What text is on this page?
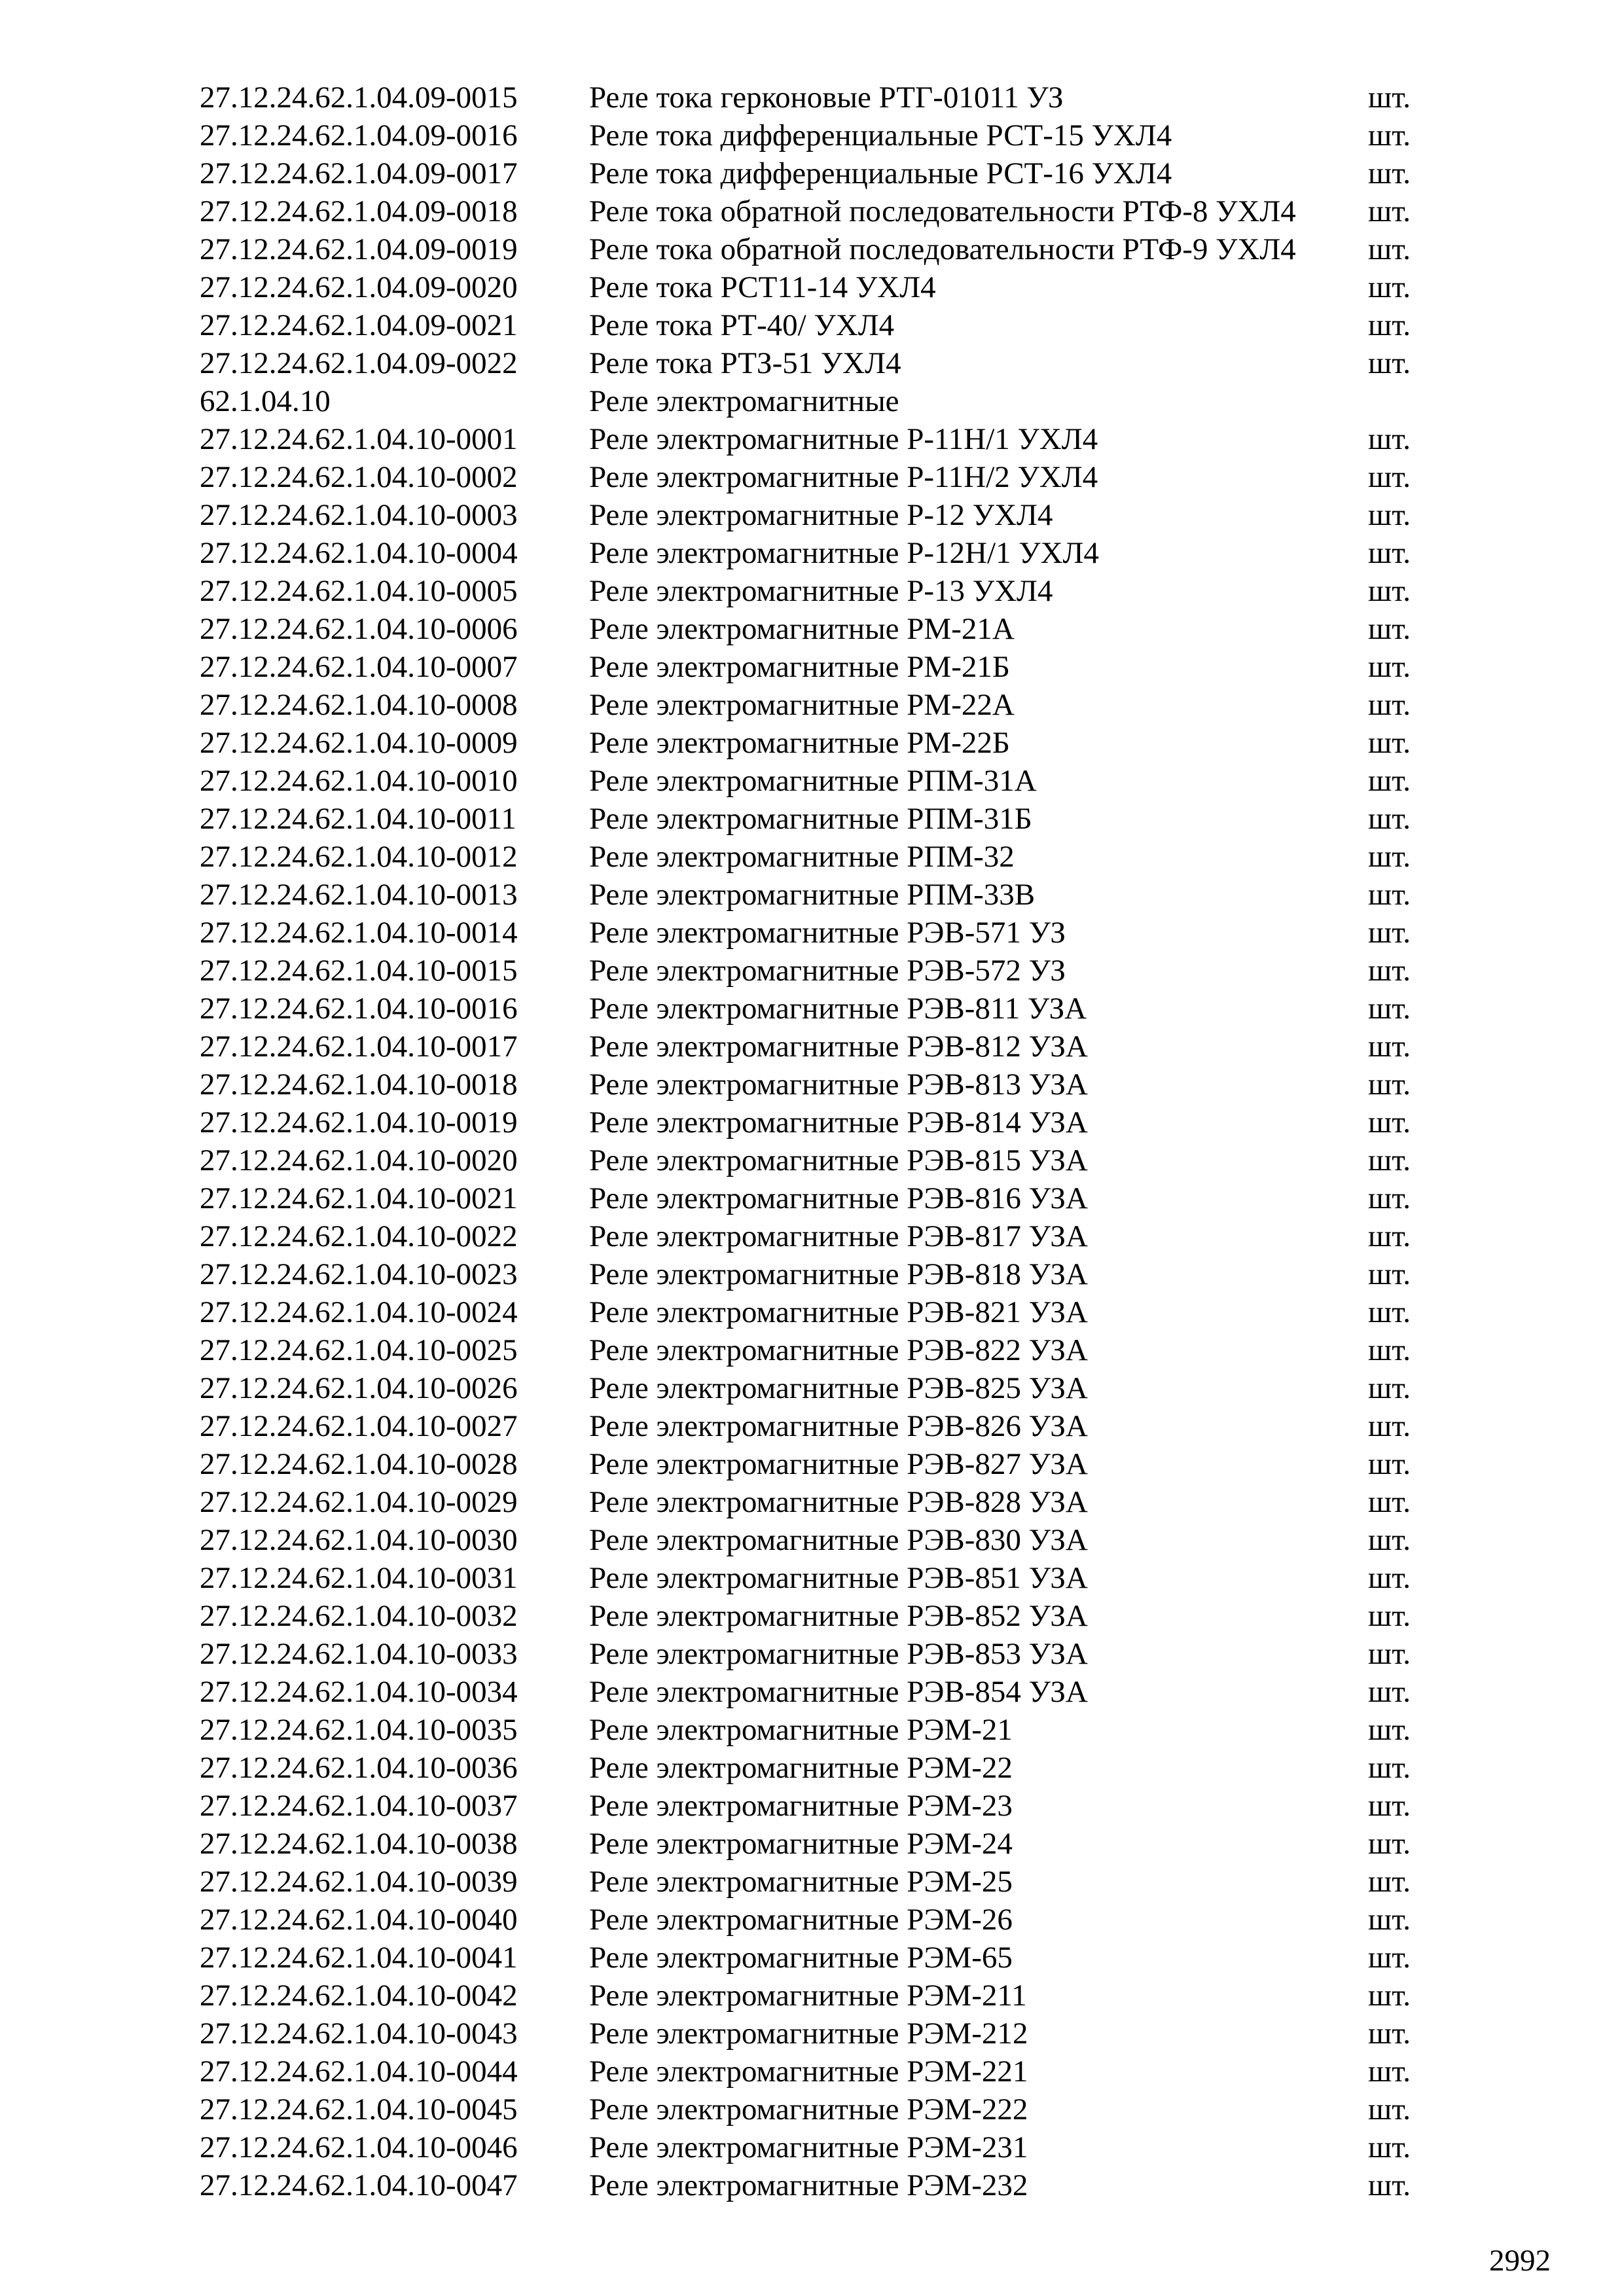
27.12.24.62.1.04.09-0015 Реле тока герконовые РТГ-01011 УЗ	шт.
27.12.24.62.1.04.09-0016 Реле тока дифференциальные РСТ-15 УХЛ4	шт.
27.12.24.62.1.04.09-0017 Реле тока дифференциальные РСТ-16 УХЛ4	шт.
27.12.24.62.1.04.09-0018 Реле тока обратной последовательности РТФ-8 УХЛ4 шт.
27.12.24.62.1.04.09-0019 Реле тока обратной последовательности РТФ-9 УХЛ4 шт.
27.12.24.62.1.04.09-0020 Реле тока РСТ11-14 УХЛ4	шт.
27.12.24.62.1.04.09-0021 Реле тока РТ-40/ УХЛ4	шт.
27.12.24.62.1.04.09-0022 Реле тока РТЗ-51 УХЛ4	шт.
62.1.04.10	Реле электромагнитные
27.12.24.62.1.04.10-0001 Реле электромагнитные Р-11Н/1 УХЛ4	шт.
27.12.24.62.1.04.10-0002 Реле электромагнитные Р-11Н/2 УХЛ4	шт.
27.12.24.62.1.04.10-0003 Реле электромагнитные Р-12 УХЛ4	шт.
27.12.24.62.1.04.10-0004 Реле электромагнитные Р-12Н/1 УХЛ4	шт.
27.12.24.62.1.04.10-0005 Реле электромагнитные Р-13 УХЛ4	шт.
27.12.24.62.1.04.10-0006 Реле электромагнитные РМ-21А	шт.
27.12.24.62.1.04.10-0007 Реле электромагнитные РМ-21Б	шт.
27.12.24.62.1.04.10-0008 Реле электромагнитные РМ-22А	шт.
27.12.24.62.1.04.10-0009 Реле электромагнитные РМ-22Б	шт.
27.12.24.62.1.04.10-0010 Реле электромагнитные РПМ-31А	шт.
27.12.24.62.1.04.10-0011 Реле электромагнитные РПМ-31Б	шт.
27.12.24.62.1.04.10-0012 Реле электромагнитные РПМ-32	шт.
27.12.24.62.1.04.10-0013 Реле электромагнитные РПМ-33В	шт.
27.12.24.62.1.04.10-0014 Реле электромагнитные РЭВ-571 УЗ	шт.
27.12.24.62.1.04.10-0015 Реле электромагнитные РЭВ-572 УЗ	шт.
27.12.24.62.1.04.10-0016 Реле электромагнитные РЭВ-811 УЗА	шт.
27.12.24.62.1.04.10-0017 Реле электромагнитные РЭВ-812 УЗА	шт.
27.12.24.62.1.04.10-0018 Реле электромагнитные РЭВ-813 УЗА	шт.
27.12.24.62.1.04.10-0019 Реле электромагнитные РЭВ-814 УЗА	шт.
27.12.24.62.1.04.10-0020 Реле электромагнитные РЭВ-815 УЗА	шт.
27.12.24.62.1.04.10-0021 Реле электромагнитные РЭВ-816 УЗА	шт.
27.12.24.62.1.04.10-0022 Реле электромагнитные РЭВ-817 УЗА	шт.
27.12.24.62.1.04.10-0023 Реле электромагнитные РЭВ-818 УЗА	шт.
27.12.24.62.1.04.10-0024 Реле электромагнитные РЭВ-821 УЗА	шт.
27.12.24.62.1.04.10-0025 Реле электромагнитные РЭВ-822 УЗА	шт.
27.12.24.62.1.04.10-0026 Реле электромагнитные РЭВ-825 УЗА	шт.
27.12.24.62.1.04.10-0027 Реле электромагнитные РЭВ-826 УЗА	шт.
27.12.24.62.1.04.10-0028 Реле электромагнитные РЭВ-827 УЗА	шт.
27.12.24.62.1.04.10-0029 Реле электромагнитные РЭВ-828 УЗА	шт.
27.12.24.62.1.04.10-0030 Реле электромагнитные РЭВ-830 УЗА	шт.
27.12.24.62.1.04.10-0031 Реле электромагнитные РЭВ-851 УЗА	шт.
27.12.24.62.1.04.10-0032 Реле электромагнитные РЭВ-852 УЗА	шт.
27.12.24.62.1.04.10-0033 Реле электромагнитные РЭВ-853 УЗА	шт.
27.12.24.62.1.04.10-0034 Реле электромагнитные РЭВ-854 УЗА	шт.
27.12.24.62.1.04.10-0035 Реле электромагнитные РЭМ-21	шт.
27.12.24.62.1.04.10-0036 Реле электромагнитные РЭМ-22	шт.
27.12.24.62.1.04.10-0037 Реле электромагнитные РЭМ-23	шт.
27.12.24.62.1.04.10-0038 Реле электромагнитные РЭМ-24	шт.
27.12.24.62.1.04.10-0039 Реле электромагнитные РЭМ-25	шт.
27.12.24.62.1.04.10-0040 Реле электромагнитные РЭМ-26	шт.
27.12.24.62.1.04.10-0041 Реле электромагнитные РЭМ-65	шт.
27.12.24.62.1.04.10-0042 Реле электромагнитные РЭМ-211	шт.
27.12.24.62.1.04.10-0043 Реле электромагнитные РЭМ-212	шт.
27.12.24.62.1.04.10-0044 Реле электромагнитные РЭМ-221	шт.
27.12.24.62.1.04.10-0045 Реле электромагнитные РЭМ-222	шт.
27.12.24.62.1.04.10-0046 Реле электромагнитные РЭМ-231	шт.
27.12.24.62.1.04.10-0047 Реле электромагнитные РЭМ-232	шт.
2992
